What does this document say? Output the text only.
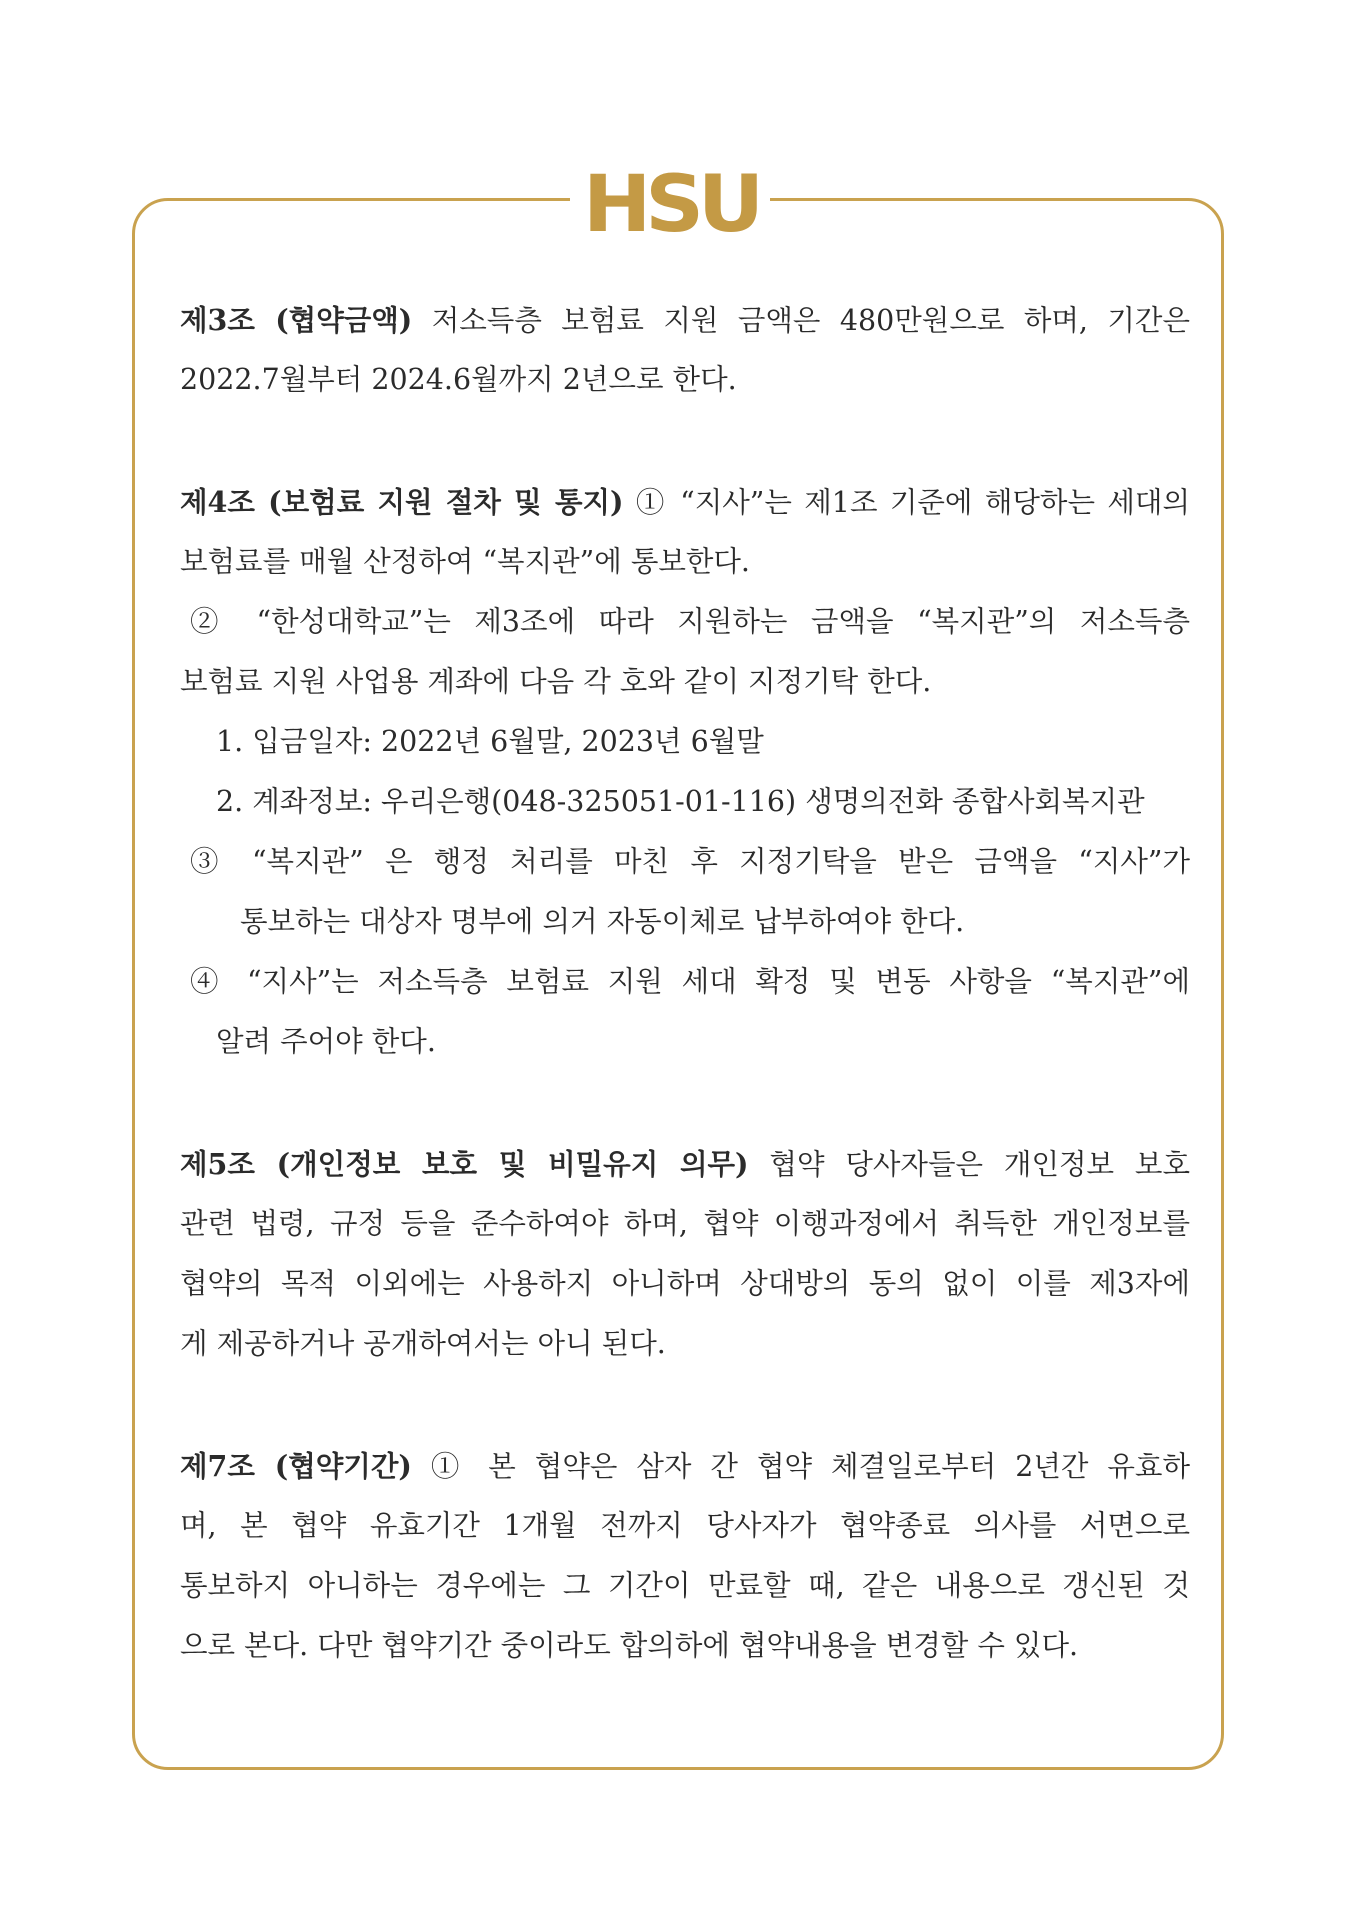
HSU
제3조 (협약금액) 저소득층 보험료 지원 금액은 480만원으로 하며, 기간은
2022.7월부터 2024.6월까지 2년으로 한다.
제4조 (보험료 지원 절차 및 통지) ① “지사”는 제1조 기준에 해당하는 세대의
보험료를 매월 산정하여 “복지관”에 통보한다.
② “한성대학교”는 제3조에 따라 지원하는 금액을 “복지관”의 저소득층
보험료 지원 사업용 계좌에 다음 각 호와 같이 지정기탁 한다.
1. 입금일자: 2022년 6월말, 2023년 6월말
2. 계좌정보: 우리은행(048-325051-01-116) 생명의전화 종합사회복지관
③ “복지관” 은 행정 처리를 마친 후 지정기탁을 받은 금액을 “지사”가
통보하는 대상자 명부에 의거 자동이체로 납부하여야 한다.
④ “지사”는 저소득층 보험료 지원 세대 확정 및 변동 사항을 “복지관”에
알려 주어야 한다.
제5조 (개인정보 보호 및 비밀유지 의무) 협약 당사자들은 개인정보 보호
관련 법령, 규정 등을 준수하여야 하며, 협약 이행과정에서 취득한 개인정보를
협약의 목적 이외에는 사용하지 아니하며 상대방의 동의 없이 이를 제3자에
게 제공하거나 공개하여서는 아니 된다.
제7조 (협약기간) ① 본 협약은 삼자 간 협약 체결일로부터 2년간 유효하
며, 본 협약 유효기간 1개월 전까지 당사자가 협약종료 의사를 서면으로
통보하지 아니하는 경우에는 그 기간이 만료할 때, 같은 내용으로 갱신된 것
으로 본다. 다만 협약기간 중이라도 합의하에 협약내용을 변경할 수 있다.
